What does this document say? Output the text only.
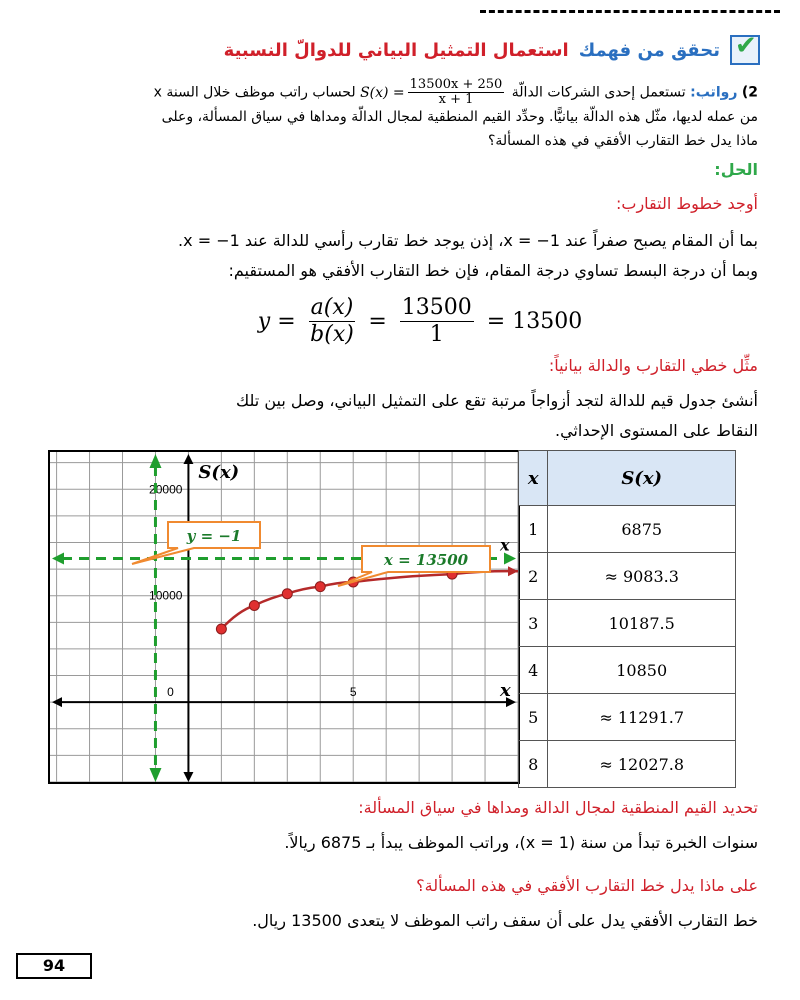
✔
تحقق من فهمك
استعمال التمثيل البياني للدوالّ النسبية
2) رواتب: تستعمل إحدى الشركات الدالّة
$S(x) = \frac{13500x + 250}{x + 1}$
لحساب راتب موظف خلال السنة x
من عمله لديها، مثّل هذه الدالّة بيانيًّا. وحدِّد القيم المنطقية لمجال الدالّة ومداها في سياق المسألة، وعلى
ماذا يدل خط التقارب الأفقي في هذه المسألة؟
الحل:
أوجد خطوط التقارب:
بما أن المقام يصبح صفراً عند x = −1، إذن يوجد خط تقارب رأسي للدالة عند x = −1.
وبما أن درجة البسط تساوي درجة المقام، فإن خط التقارب الأفقي هو المستقيم:
$y = \frac{a(x)}{b(x)} = \frac{13500}{1} = 13500$
مثِّل خطي التقارب والدالة بيانياً:
أنشئ جدول قيم للدالة لتجد أزواجاً مرتبة تقع على التمثيل البياني، وصل بين تلك
النقاط على المستوى الإحداثي.
20000
10000
0	5
S(x)
x
x
y = −1
x = 13500
x	S(x)
1	6875
2	≈ 9083.3
3	10187.5
4	10850
5	≈ 11291.7
8	≈ 12027.8
تحديد القيم المنطقية لمجال الدالة ومداها في سياق المسألة:
سنوات الخبرة تبدأ من سنة (x = 1)، وراتب الموظف يبدأ بـ 6875 ريالاً.
على ماذا يدل خط التقارب الأفقي في هذه المسألة؟
خط التقارب الأفقي يدل على أن سقف راتب الموظف لا يتعدى 13500 ريال.
94
